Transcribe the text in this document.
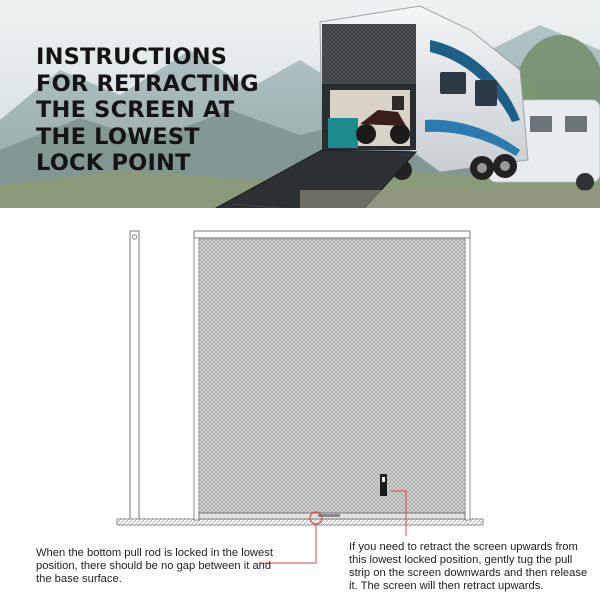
INSTRUCTIONS
FOR RETRACTING
THE SCREEN AT
THE LOWEST
LOCK POINT

When the bottom pull rod is locked in the lowest position, there should be no gap between it and the base surface.

If you need to retract the screen upwards from this lowest locked position, gently tug the pull strip on the screen downwards and then release it. The screen will then retract upwards.
